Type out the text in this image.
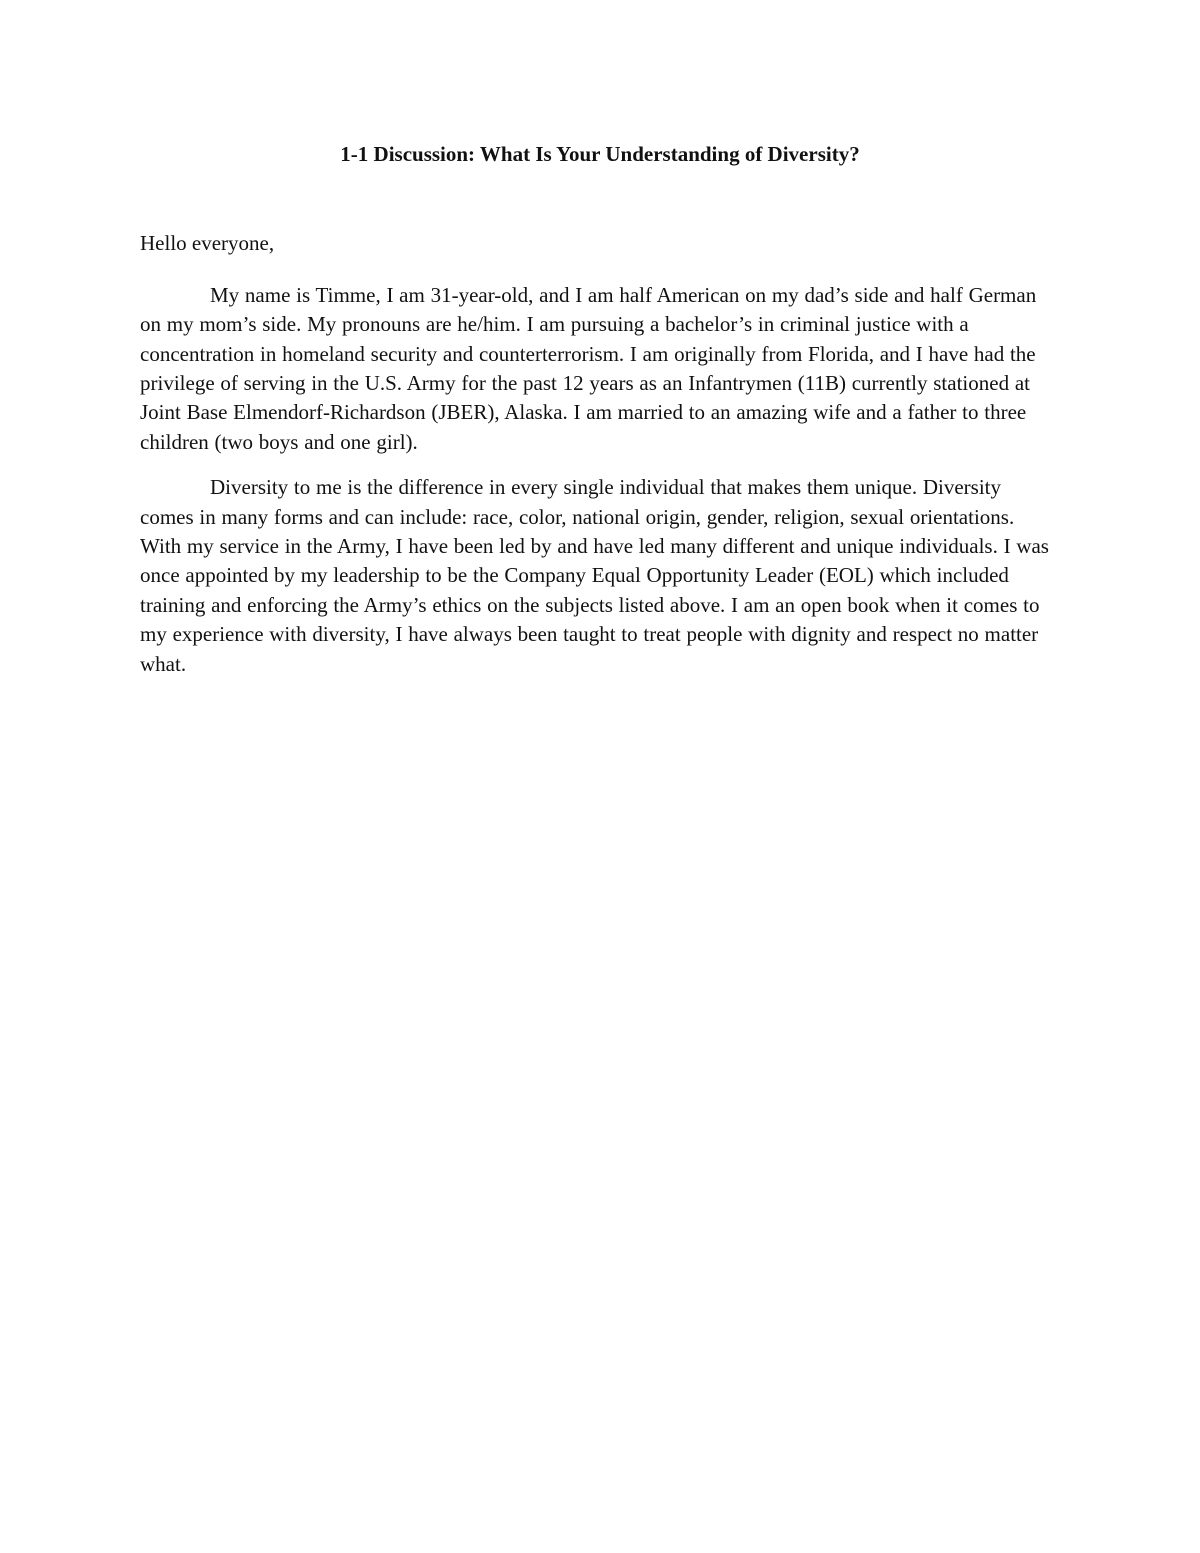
1-1 Discussion: What Is Your Understanding of Diversity?

Hello everyone,

My name is Timme, I am 31-year-old, and I am half American on my dad’s side and half German on my mom’s side. My pronouns are he/him. I am pursuing a bachelor’s in criminal justice with a concentration in homeland security and counterterrorism. I am originally from Florida, and I have had the privilege of serving in the U.S. Army for the past 12 years as an Infantrymen (11B) currently stationed at Joint Base Elmendorf-Richardson (JBER), Alaska. I am married to an amazing wife and a father to three children (two boys and one girl).

Diversity to me is the difference in every single individual that makes them unique. Diversity comes in many forms and can include: race, color, national origin, gender, religion, sexual orientations. With my service in the Army, I have been led by and have led many different and unique individuals. I was once appointed by my leadership to be the Company Equal Opportunity Leader (EOL) which included training and enforcing the Army’s ethics on the subjects listed above. I am an open book when it comes to my experience with diversity, I have always been taught to treat people with dignity and respect no matter what.
